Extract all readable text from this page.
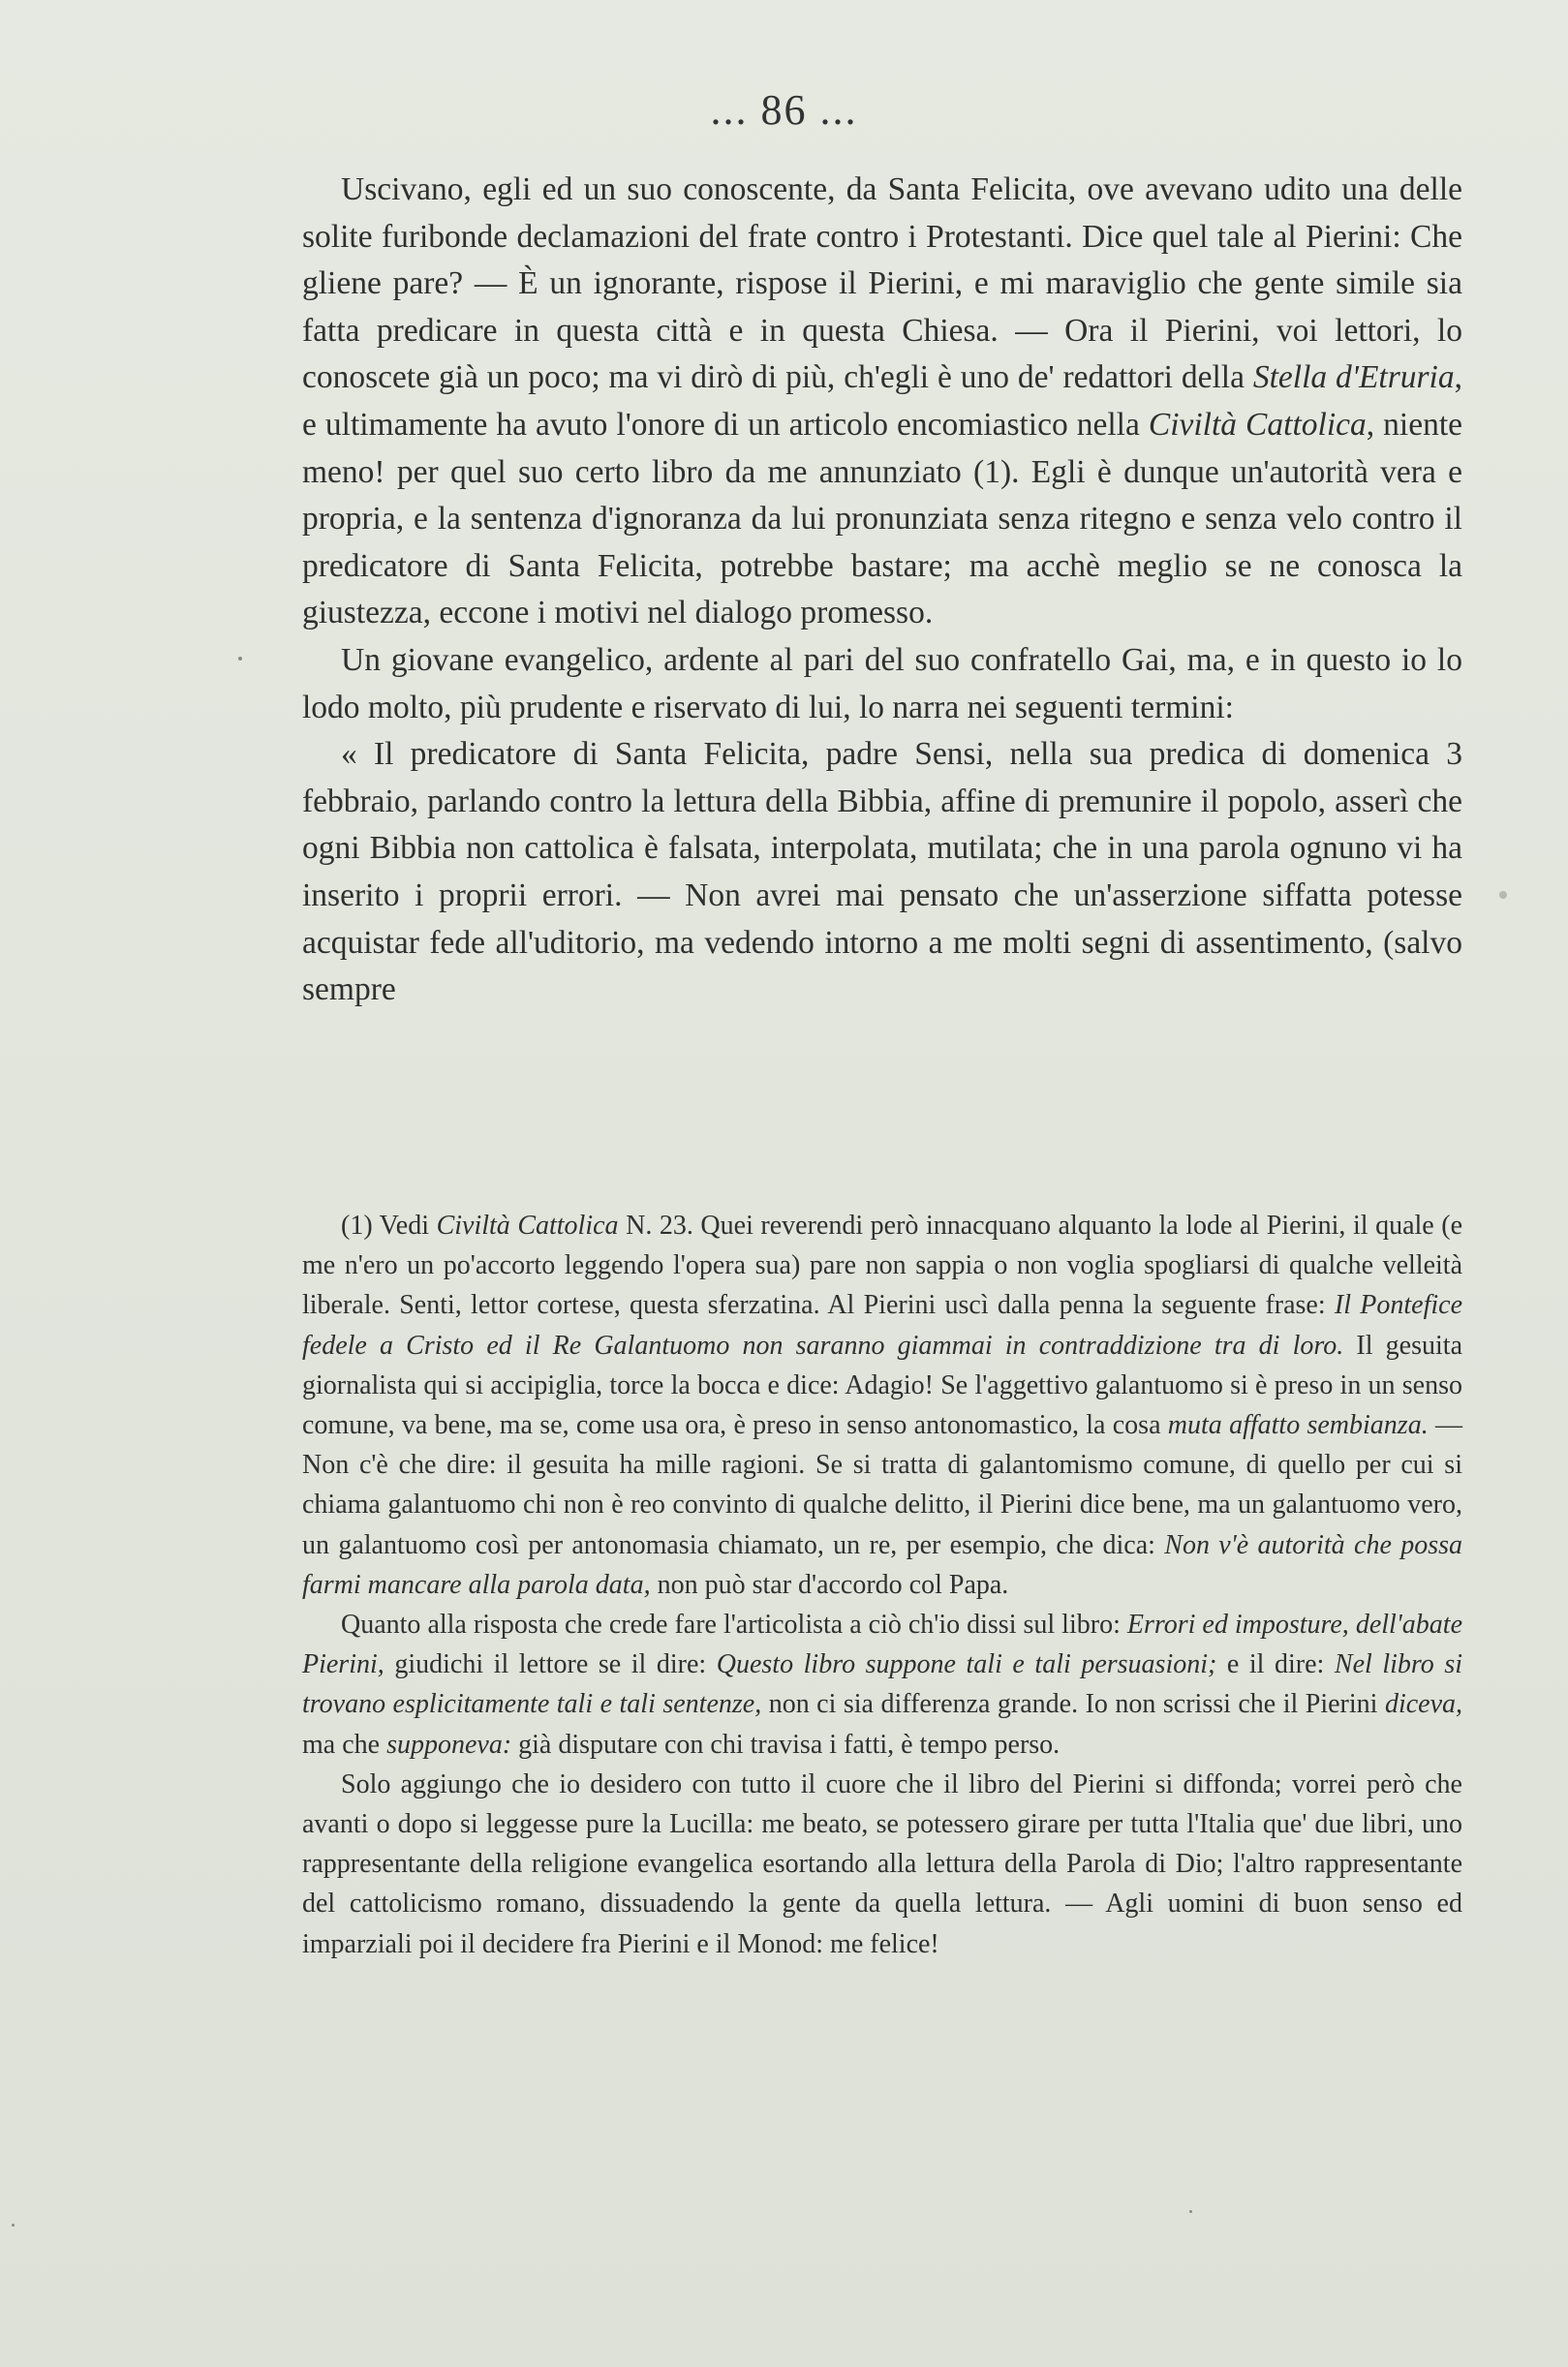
... 86 ...

Uscivano, egli ed un suo conoscente, da Santa Felicita, ove avevano udito una delle solite furibonde declamazioni del frate contro i Protestanti. Dice quel tale al Pierini: Che gliene pare? — È un ignorante, rispose il Pierini, e mi maraviglio che gente simile sia fatta predicare in questa città e in questa Chiesa. — Ora il Pierini, voi lettori, lo conoscete già un poco; ma vi dirò di più, ch'egli è uno de' redattori della Stella d'Etruria, e ultimamente ha avuto l'onore di un articolo encomiastico nella Civiltà Cattolica, niente meno! per quel suo certo libro da me annunziato (1). Egli è dunque un'autorità vera e propria, e la sentenza d'ignoranza da lui pronunziata senza ritegno e senza velo contro il predicatore di Santa Felicita, potrebbe bastare; ma acchè meglio se ne conosca la giustezza, eccone i motivi nel dialogo promesso.

Un giovane evangelico, ardente al pari del suo confratello Gai, ma, e in questo io lo lodo molto, più prudente e riservato di lui, lo narra nei seguenti termini:

« Il predicatore di Santa Felicita, padre Sensi, nella sua predica di domenica 3 febbraio, parlando contro la lettura della Bibbia, affine di premunire il popolo, asserì che ogni Bibbia non cattolica è falsata, interpolata, mutilata; che in una parola ognuno vi ha inserito i proprii errori. — Non avrei mai pensato che un'asserzione siffatta potesse acquistar fede all'uditorio, ma vedendo intorno a me molti segni di assentimento, (salvo sempre

(1) Vedi Civiltà Cattolica N. 23. Quei reverendi però innacquano alquanto la lode al Pierini, il quale (e me n'ero un po'accorto leggendo l'opera sua) pare non sappia o non voglia spogliarsi di qualche velleità liberale. Senti, lettor cortese, questa sferzatina. Al Pierini uscì dalla penna la seguente frase: Il Pontefice fedele a Cristo ed il Re Galantuomo non saranno giammai in contraddizione tra di loro. Il gesuita giornalista qui si accipiglia, torce la bocca e dice: Adagio! Se l'aggettivo galantuomo si è preso in un senso comune, va bene, ma se, come usa ora, è preso in senso antonomastico, la cosa muta affatto sembianza. — Non c'è che dire: il gesuita ha mille ragioni. Se si tratta di galantomismo comune, di quello per cui si chiama galantuomo chi non è reo convinto di qualche delitto, il Pierini dice bene, ma un galantuomo vero, un galantuomo così per antonomasia chiamato, un re, per esempio, che dica: Non v'è autorità che possa farmi mancare alla parola data, non può star d'accordo col Papa.

Quanto alla risposta che crede fare l'articolista a ciò ch'io dissi sul libro: Errori ed imposture, dell'abate Pierini, giudichi il lettore se il dire: Questo libro suppone tali e tali persuasioni; e il dire: Nel libro si trovano esplicitamente tali e tali sentenze, non ci sia differenza grande. Io non scrissi che il Pierini diceva, ma che supponeva: già disputare con chi travisa i fatti, è tempo perso.

Solo aggiungo che io desidero con tutto il cuore che il libro del Pierini si diffonda; vorrei però che avanti o dopo si leggesse pure la Lucilla: me beato, se potessero girare per tutta l'Italia que' due libri, uno rappresentante della religione evangelica esortando alla lettura della Parola di Dio; l'altro rappresentante del cattolicismo romano, dissuadendo la gente da quella lettura. — Agli uomini di buon senso ed imparziali poi il decidere fra Pierini e il Monod: me felice!
